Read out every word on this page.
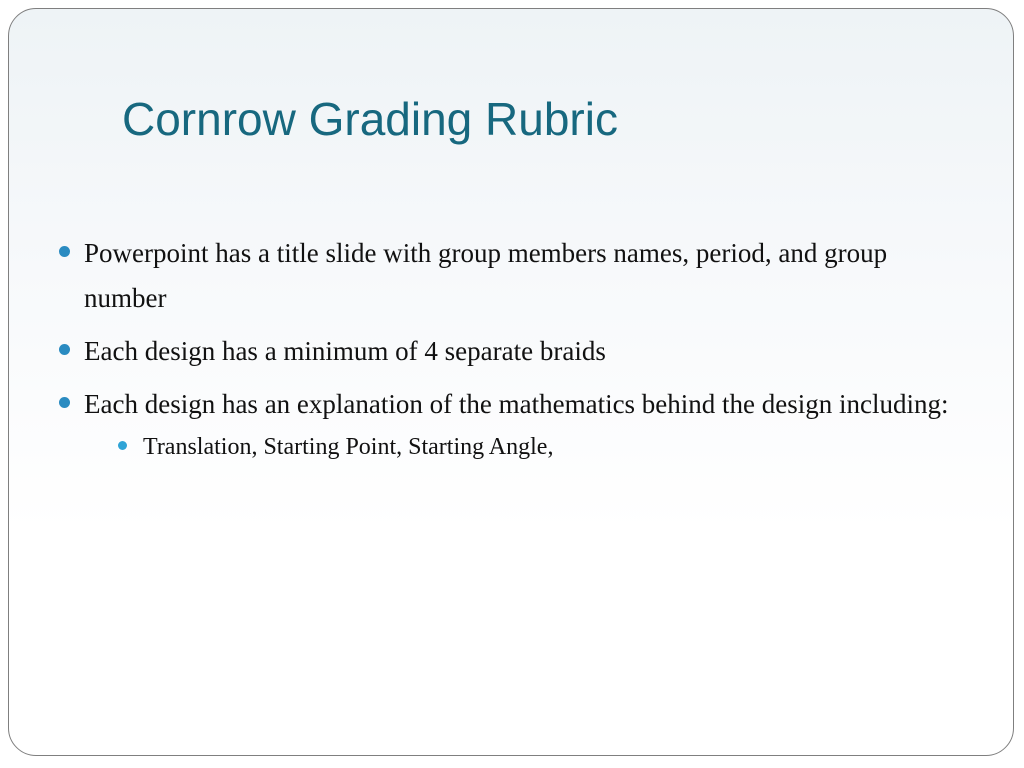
Cornrow Grading Rubric
Powerpoint has a title slide with group members names, period, and group number
Each design has a minimum of 4 separate braids
Each design has an explanation of the mathematics behind the design including:
Translation, Starting Point, Starting Angle,
